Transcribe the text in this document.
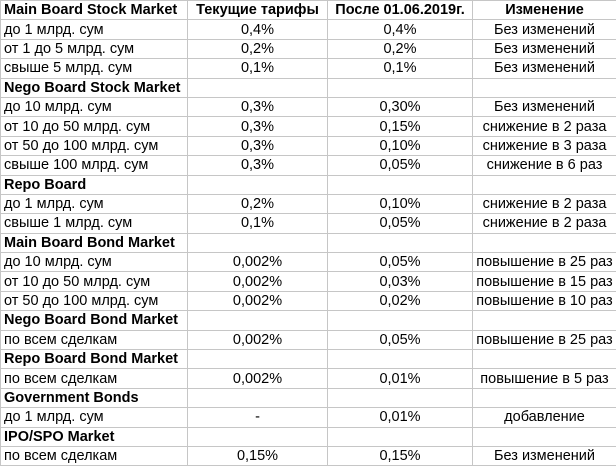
Main Board Stock Market	Текущие тарифы	После 01.06.2019г.	Изменение
до 1 млрд. сум	0,4%	0,4%	Без изменений
от 1 до 5 млрд. сум	0,2%	0,2%	Без изменений
свыше 5 млрд. сум	0,1%	0,1%	Без изменений
Nego Board Stock Market			
до 10 млрд. сум	0,3%	0,30%	Без изменений
от 10 до 50 млрд. сум	0,3%	0,15%	снижение в 2 раза
от 50 до 100 млрд. сум	0,3%	0,10%	снижение в 3 раза
свыше 100 млрд. сум	0,3%	0,05%	снижение в 6 раз
Repo Board			
до 1 млрд. сум	0,2%	0,10%	снижение в 2 раза
свыше 1 млрд. сум	0,1%	0,05%	снижение в 2 раза
Main Board Bond Market			
до 10 млрд. сум	0,002%	0,05%	повышение в 25 раз
от 10 до 50 млрд. сум	0,002%	0,03%	повышение в 15 раз
от 50 до 100 млрд. сум	0,002%	0,02%	повышение в 10 раз
Nego Board Bond Market			
по всем сделкам	0,002%	0,05%	повышение в 25 раз
Repo Board Bond Market			
по всем сделкам	0,002%	0,01%	повышение в 5 раз
Government Bonds			
до 1 млрд. сум	-	0,01%	добавление
IPO/SPO Market			
по всем сделкам	0,15%	0,15%	Без изменений
